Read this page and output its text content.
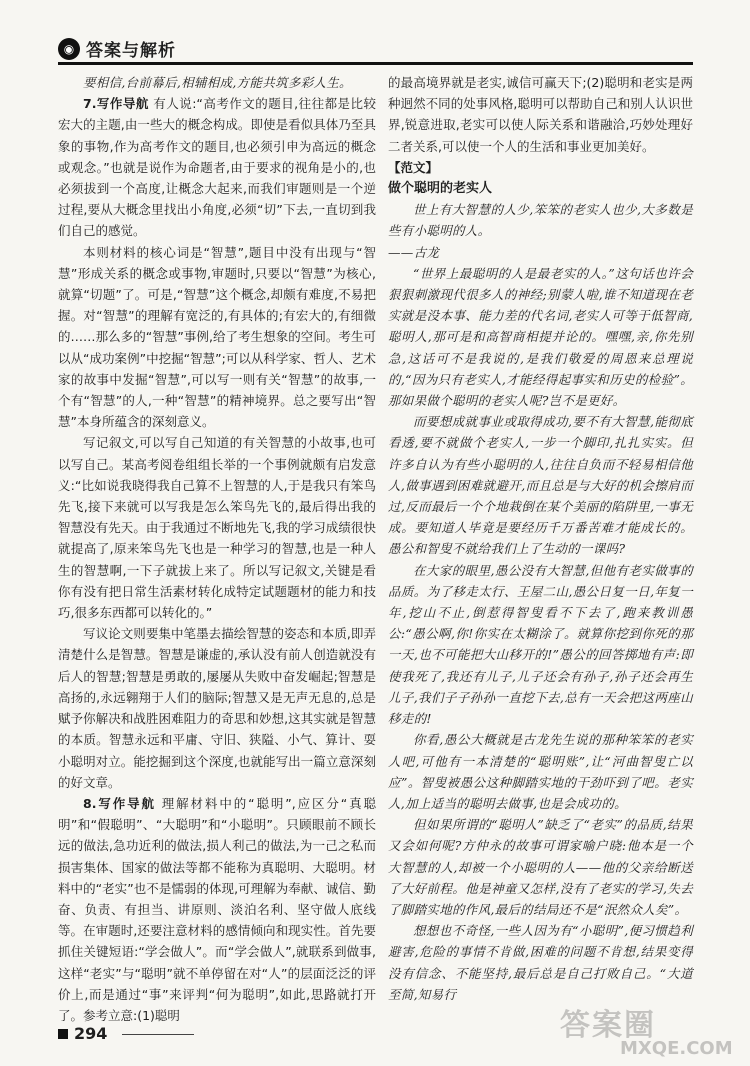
◉ 答案与解析

要相信,台前幕后,相辅相成,方能共筑多彩人生。

7.写作导航 有人说:“高考作文的题目,往往都是比较宏大的主题,由一些大的概念构成。即使是看似具体乃至具象的事物,作为高考作文的题目,也必须引申为高远的概念或观念。”也就是说作为命题者,由于要求的视角是小的,也必须拔到一个高度,让概念大起来,而我们审题则是一个逆过程,要从大概念里找出小角度,必须“切”下去,一直切到我们自己的感觉。

本则材料的核心词是“智慧”,题目中没有出现与“智慧”形成关系的概念或事物,审题时,只要以“智慧”为核心,就算“切题”了。可是,“智慧”这个概念,却颇有难度,不易把握。对“智慧”的理解有宽泛的,有具体的;有宏大的,有细微的……那么多的“智慧”事例,给了考生想象的空间。考生可以从“成功案例”中挖掘“智慧”;可以从科学家、哲人、艺术家的故事中发掘“智慧”,可以写一则有关“智慧”的故事,一个有“智慧”的人,一种“智慧”的精神境界。总之要写出“智慧”本身所蕴含的深刻意义。

写记叙文,可以写自己知道的有关智慧的小故事,也可以写自己。某高考阅卷组组长举的一个事例就颇有启发意义:“比如说我晓得我自己算不上智慧的人,于是我只有笨鸟先飞,接下来就可以写我是怎么笨鸟先飞的,最后得出我的智慧没有先天。由于我通过不断地先飞,我的学习成绩很快就提高了,原来笨鸟先飞也是一种学习的智慧,也是一种人生的智慧啊,一下子就拔上来了。所以写记叙文,关键是看你有没有把日常生活素材转化成特定试题题材的能力和技巧,很多东西都可以转化的。”

写议论文则要集中笔墨去描绘智慧的姿态和本质,即弄清楚什么是智慧。智慧是谦虚的,承认没有前人创造就没有后人的智慧;智慧是勇敢的,屡屡从失败中奋发崛起;智慧是高扬的,永远翱翔于人们的脑际;智慧又是无声无息的,总是赋予你解决和战胜困难阻力的奇思和妙想,这其实就是智慧的本质。智慧永远和平庸、守旧、狭隘、小气、算计、耍小聪明对立。能挖掘到这个深度,也就能写出一篇立意深刻的好文章。

8.写作导航 理解材料中的“聪明”,应区分“真聪明”和“假聪明”、“大聪明”和“小聪明”。只顾眼前不顾长远的做法,急功近利的做法,损人利己的做法,为一己之私而损害集体、国家的做法等都不能称为真聪明、大聪明。材料中的“老实”也不是懦弱的体现,可理解为奉献、诚信、勤奋、负责、有担当、讲原则、淡泊名利、坚守做人底线等。在审题时,还要注意材料的感情倾向和现实性。首先要抓住关键短语:“学会做人”。而“学会做人”,就联系到做事,这样“老实”与“聪明”就不单停留在对“人”的层面泛泛的评价上,而是通过“事”来评判“何为聪明”,如此,思路就打开了。参考立意:(1)聪明

的最高境界就是老实,诚信可赢天下;(2)聪明和老实是两种迥然不同的处事风格,聪明可以帮助自己和别人认识世界,锐意进取,老实可以使人际关系和谐融洽,巧妙处理好二者关系,可以使一个人的生活和事业更加美好。

【范文】

做个聪明的老实人

世上有大智慧的人少,笨笨的老实人也少,大多数是些有小聪明的人。

——古龙

“世界上最聪明的人是最老实的人。”这句话也许会狠狠刺激现代很多人的神经;别蒙人啦,谁不知道现在老实就是没本事、能力差的代名词,老实人可等于低智商,聪明人,那可是和高智商相提并论的。嘿嘿,亲,你先别急,这话可不是我说的,是我们敬爱的周恩来总理说的,“因为只有老实人,才能经得起事实和历史的检验”。那如果做个聪明的老实人呢?岂不是更好。

而要想成就事业或取得成功,要不有大智慧,能彻底看透,要不就做个老实人,一步一个脚印,扎扎实实。但许多自认为有些小聪明的人,往往自负而不轻易相信他人,做事遇到困难就避开,而且总是与大好的机会擦肩而过,反而最后一个个地栽倒在某个美丽的陷阱里,一事无成。要知道人毕竟是要经历千万番苦难才能成长的。愚公和智叟不就给我们上了生动的一课吗?

在大家的眼里,愚公没有大智慧,但他有老实做事的品质。为了移走太行、王屋二山,愚公日复一日,年复一年,挖山不止,倒惹得智叟看不下去了,跑来教训愚公:“愚公啊,你!你实在太糊涂了。就算你挖到你死的那一天,也不可能把大山移开的!”愚公的回答掷地有声:即使我死了,我还有儿子,儿子还会有孙子,孙子还会再生儿子,我们子子孙孙一直挖下去,总有一天会把这两座山移走的!

你看,愚公大概就是古龙先生说的那种笨笨的老实人吧,可他有一本清楚的“聪明账”,让“河曲智叟亡以应”。智叟被愚公这种脚踏实地的干劲吓到了吧。老实人,加上适当的聪明去做事,也是会成功的。

但如果所谓的“聪明人”缺乏了“老实”的品质,结果又会如何呢?方仲永的故事可谓家喻户晓:他本是一个大智慧的人,却被一个小聪明的人——他的父亲给断送了大好前程。他是神童又怎样,没有了老实的学习,失去了脚踏实地的作风,最后的结局还不是“泯然众人矣”。

想想也不奇怪,一些人因为有“小聪明”,便习惯趋利避害,危险的事情不肯做,困难的问题不肯想,结果变得没有信念、不能坚持,最后总是自己打败自己。“大道至简,知易行

294	答案圈
MXQE.COM
